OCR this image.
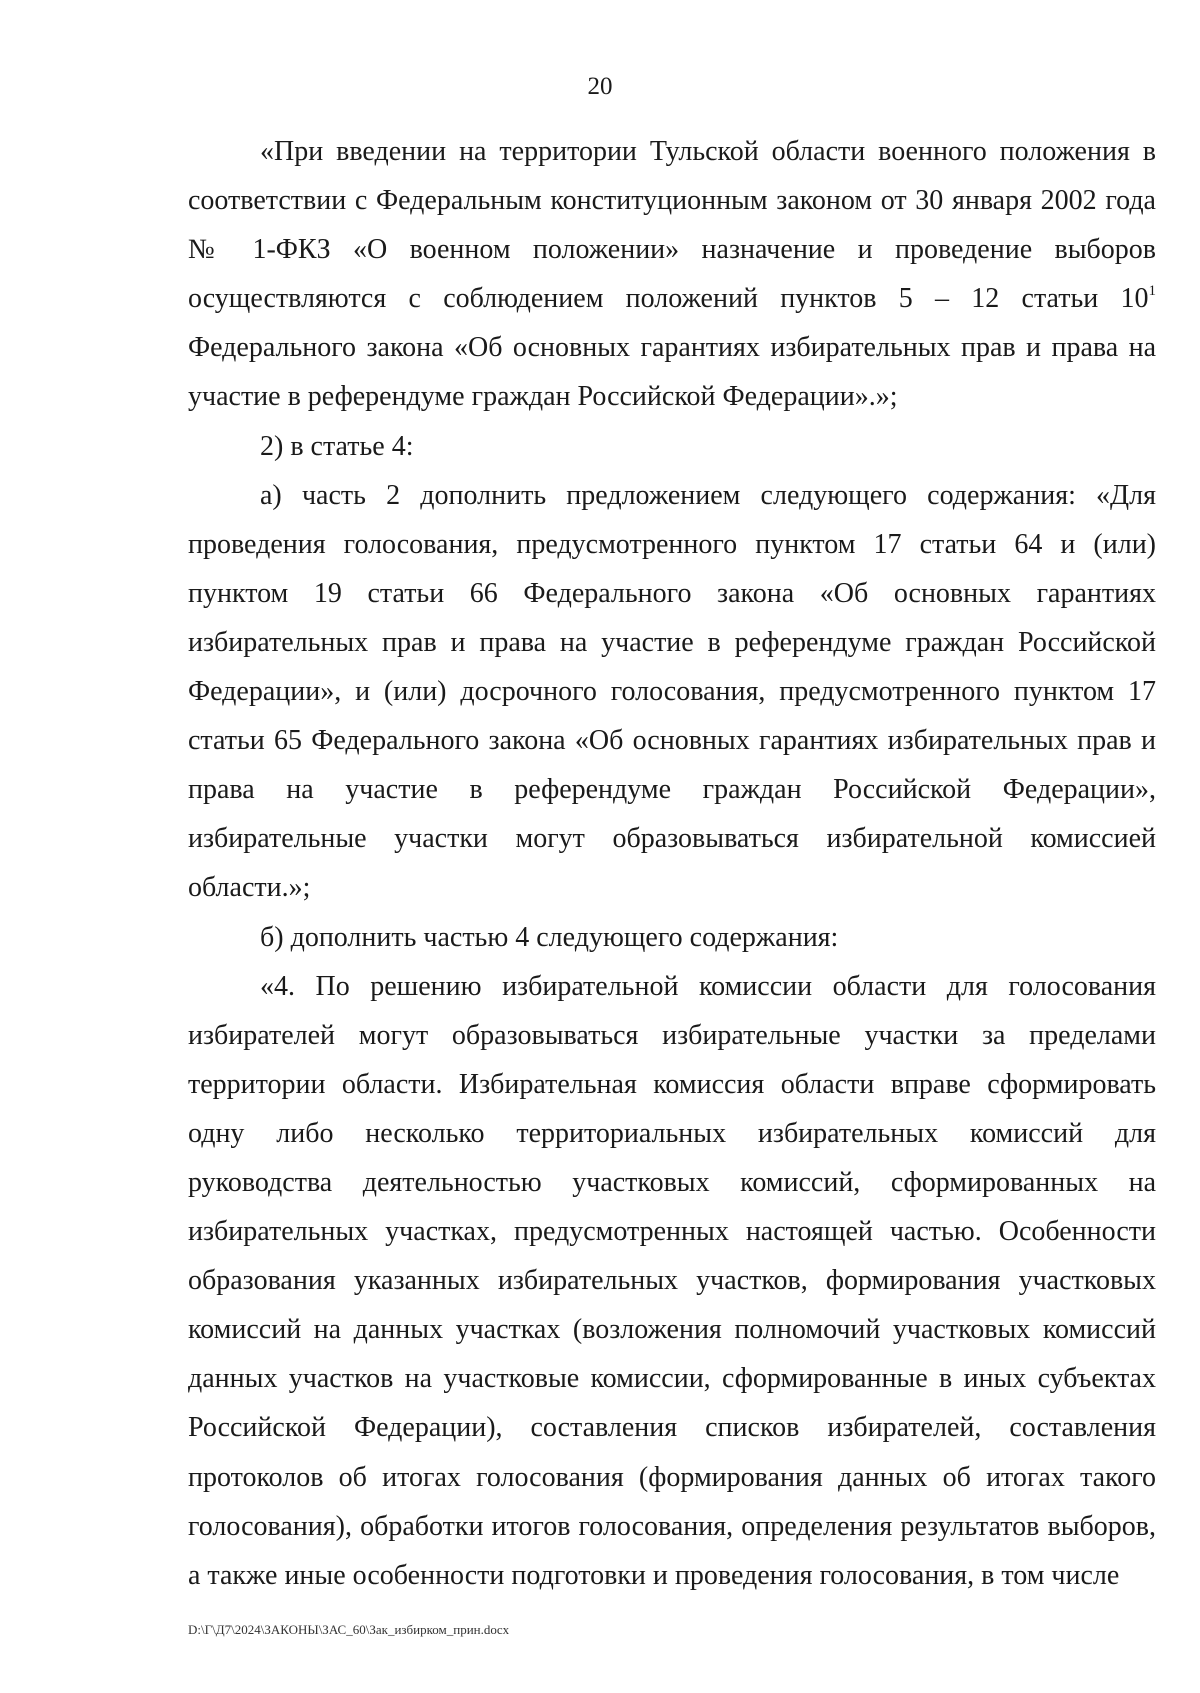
20

«При введении на территории Тульской области военного положения в соответствии с Федеральным конституционным законом от 30 января 2002 года № 1-ФКЗ «О военном положении» назначение и проведение выборов осуществляются с соблюдением положений пунктов 5 – 12 статьи $10^1$ Федерального закона «Об основных гарантиях избирательных прав и права на участие в референдуме граждан Российской Федерации».»;

2) в статье 4:

а) часть 2 дополнить предложением следующего содержания: «Для проведения голосования, предусмотренного пунктом 17 статьи 64 и (или) пунктом 19 статьи 66 Федерального закона «Об основных гарантиях избирательных прав и права на участие в референдуме граждан Российской Федерации», и (или) досрочного голосования, предусмотренного пунктом 17 статьи 65 Федерального закона «Об основных гарантиях избирательных прав и права на участие в референдуме граждан Российской Федерации», избирательные участки могут образовываться избирательной комиссией области.»;

б) дополнить частью 4 следующего содержания:

«4. По решению избирательной комиссии области для голосования избирателей могут образовываться избирательные участки за пределами территории области. Избирательная комиссия области вправе сформировать одну либо несколько территориальных избирательных комиссий для руководства деятельностью участковых комиссий, сформированных на избирательных участках, предусмотренных настоящей частью. Особенности образования указанных избирательных участков, формирования участковых комиссий на данных участках (возложения полномочий участковых комиссий данных участков на участковые комиссии, сформированные в иных субъектах Российской Федерации), составления списков избирателей, составления протоколов об итогах голосования (формирования данных об итогах такого голосования), обработки итогов голосования, определения результатов выборов, а также иные особенности подготовки и проведения голосования, в том числе

D:\Г\Д7\2024\ЗАКОНЫ\ЗАС_60\Зак_избирком_прин.docx
